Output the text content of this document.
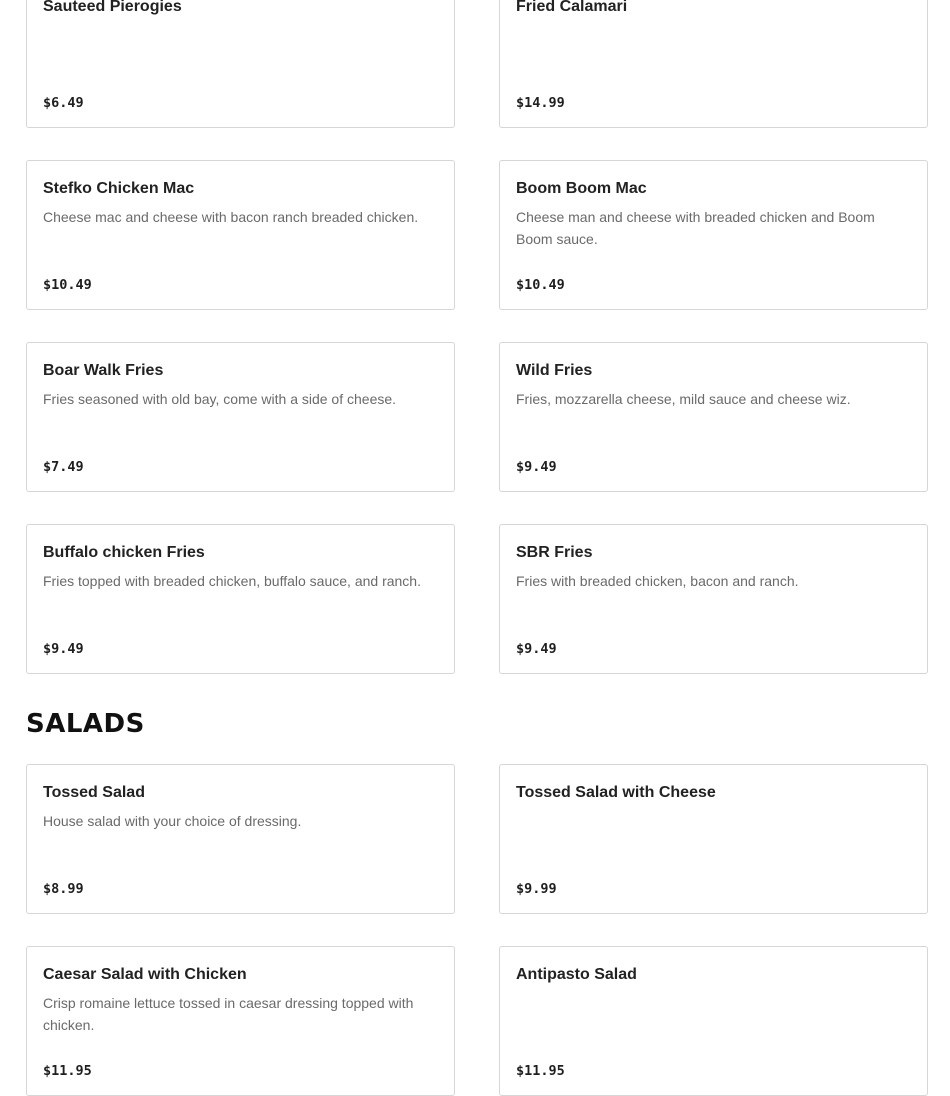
Sauteed Pierogies

$6.49

Fried Calamari

$14.99

Stefko Chicken Mac

Cheese mac and cheese with bacon ranch breaded chicken.

$10.49

Boom Boom Mac

Cheese man and cheese with breaded chicken and Boom Boom sauce.

$10.49

Boar Walk Fries

Fries seasoned with old bay, come with a side of cheese.

$7.49

Wild Fries

Fries, mozzarella cheese, mild sauce and cheese wiz.

$9.49

Buffalo chicken Fries

Fries topped with breaded chicken, buffalo sauce, and ranch.

$9.49

SBR Fries

Fries with breaded chicken, bacon and ranch.

$9.49
SALADS

Tossed Salad

House salad with your choice of dressing.

$8.99

Tossed Salad with Cheese

$9.99

Caesar Salad with Chicken

Crisp romaine lettuce tossed in caesar dressing topped with chicken.

$11.95

Antipasto Salad

$11.95
